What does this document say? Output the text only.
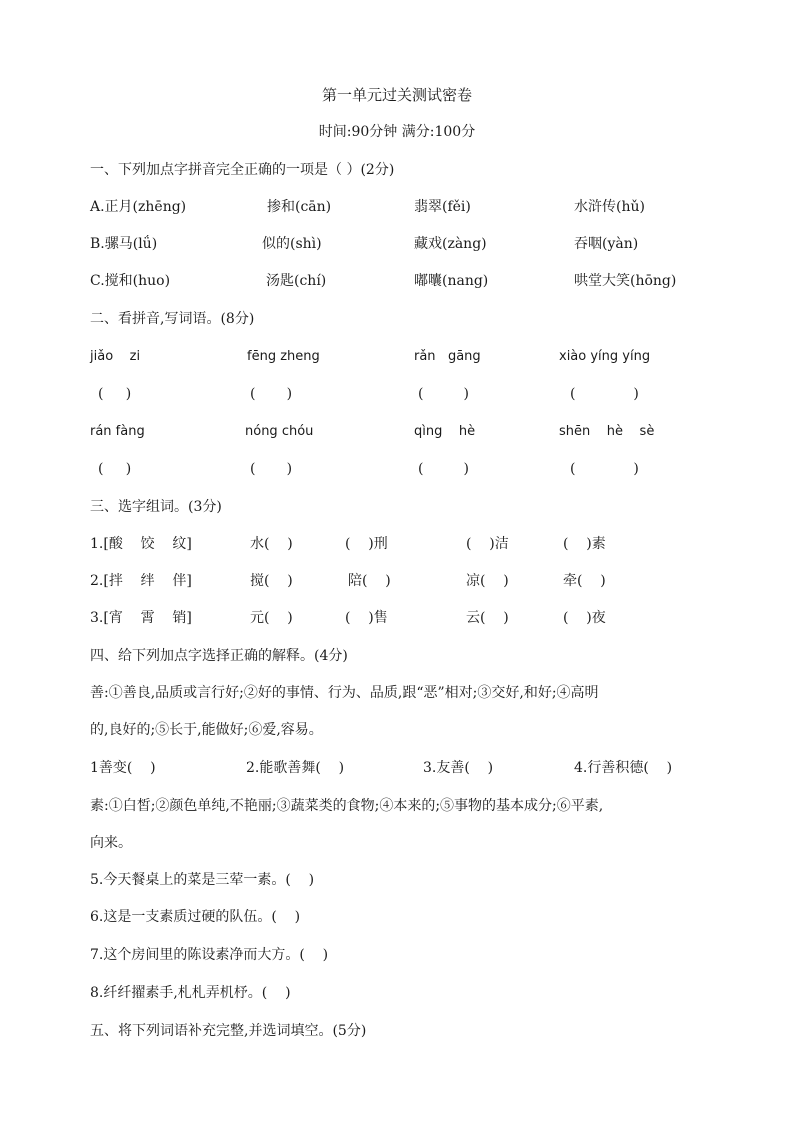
第一单元过关测试密卷
时间:90分钟 满分:100分
一、下列加点字拼音完全正确的一项是（ ）(2分)
A.正月(zhēng)	掺和(cān)	翡翠(fěi)	水浒传(hǔ)
B.骡马(lǘ)	似的(shì)	藏戏(zàng)	吞咽(yàn)
C.搅和(huo)	汤匙(chí)	嘟囔(nang)	哄堂大笑(hōng)
二、看拼音,写词语。(8分)
jiǎo    zi	fēng zheng	rǎn   gāng	xiào yíng yíng
(     )	(       )	(         )	(             )
rán fàng	nóng chóu	qìng    hè	shēn    hè    sè
(     )	(       )	(         )	(             )
三、选字组词。(3分)
1.[酸    饺    纹]	水(    )	(    )刑	(    )洁	(    )素
2.[拌    绊    伴]	搅(    )	陪(    )	凉(    )	牵(    )
3.[宵    霄    销]	元(    )	(    )售	云(    )	(    )夜
四、给下列加点字选择正确的解释。(4分)
善:①善良,品质或言行好;②好的事情、行为、品质,跟“恶”相对;③交好,和好;④高明
的,良好的;⑤长于,能做好;⑥爱,容易。
1善变(    )	2.能歌善舞(    )	3.友善(    )	4.行善积德(    )
素:①白皙;②颜色单纯,不艳丽;③蔬菜类的食物;④本来的;⑤事物的基本成分;⑥平素,
向来。
5.今天餐桌上的菜是三荤一素。(    )
6.这是一支素质过硬的队伍。(    )
7.这个房间里的陈设素净而大方。(    )
8.纤纤擢素手,札札弄机杼。(    )
五、将下列词语补充完整,并选词填空。(5分)
